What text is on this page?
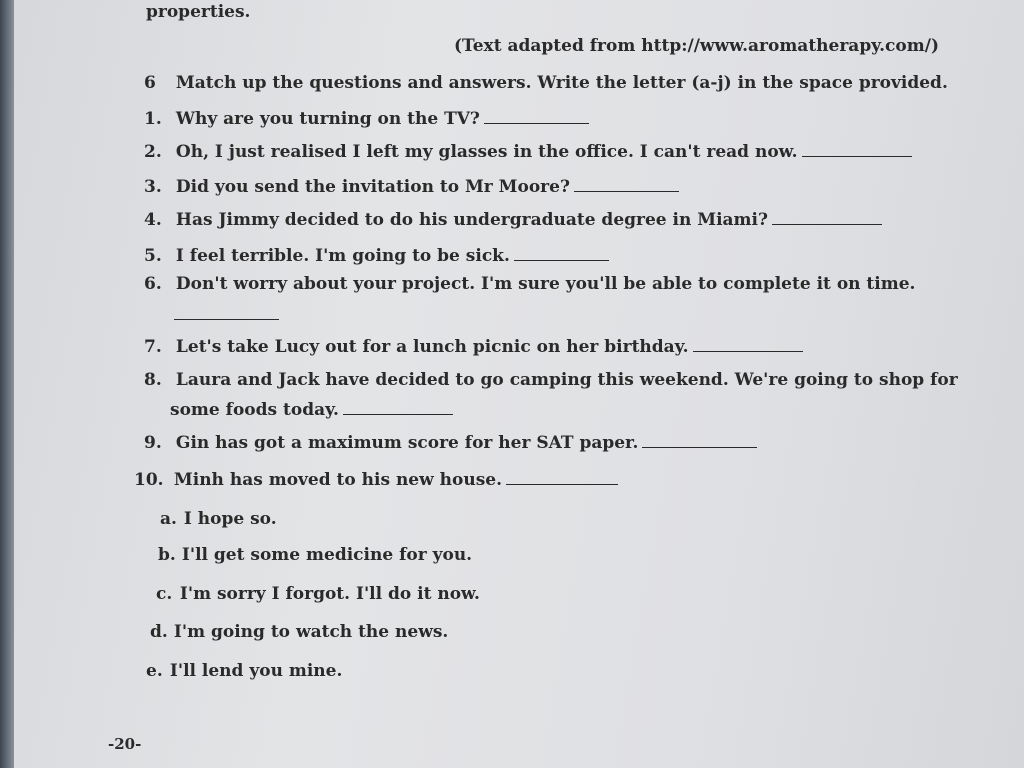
properties.
(Text adapted from http://www.aromatherapy.com/)
6 Match up the questions and answers. Write the letter (a-j) in the space provided.
1. Why are you turning on the TV?
2. Oh, I just realised I left my glasses in the office. I can't read now.
3. Did you send the invitation to Mr Moore?
4. Has Jimmy decided to do his undergraduate degree in Miami?
5. I feel terrible. I'm going to be sick.
6. Don't worry about your project. I'm sure you'll be able to complete it on time.
7. Let's take Lucy out for a lunch picnic on her birthday.
8. Laura and Jack have decided to go camping this weekend. We're going to shop for
some foods today.
9. Gin has got a maximum score for her SAT paper.
10. Minh has moved to his new house.
a. I hope so.
b. I'll get some medicine for you.
c. I'm sorry I forgot. I'll do it now.
d. I'm going to watch the news.
e. I'll lend you mine.
-20-
